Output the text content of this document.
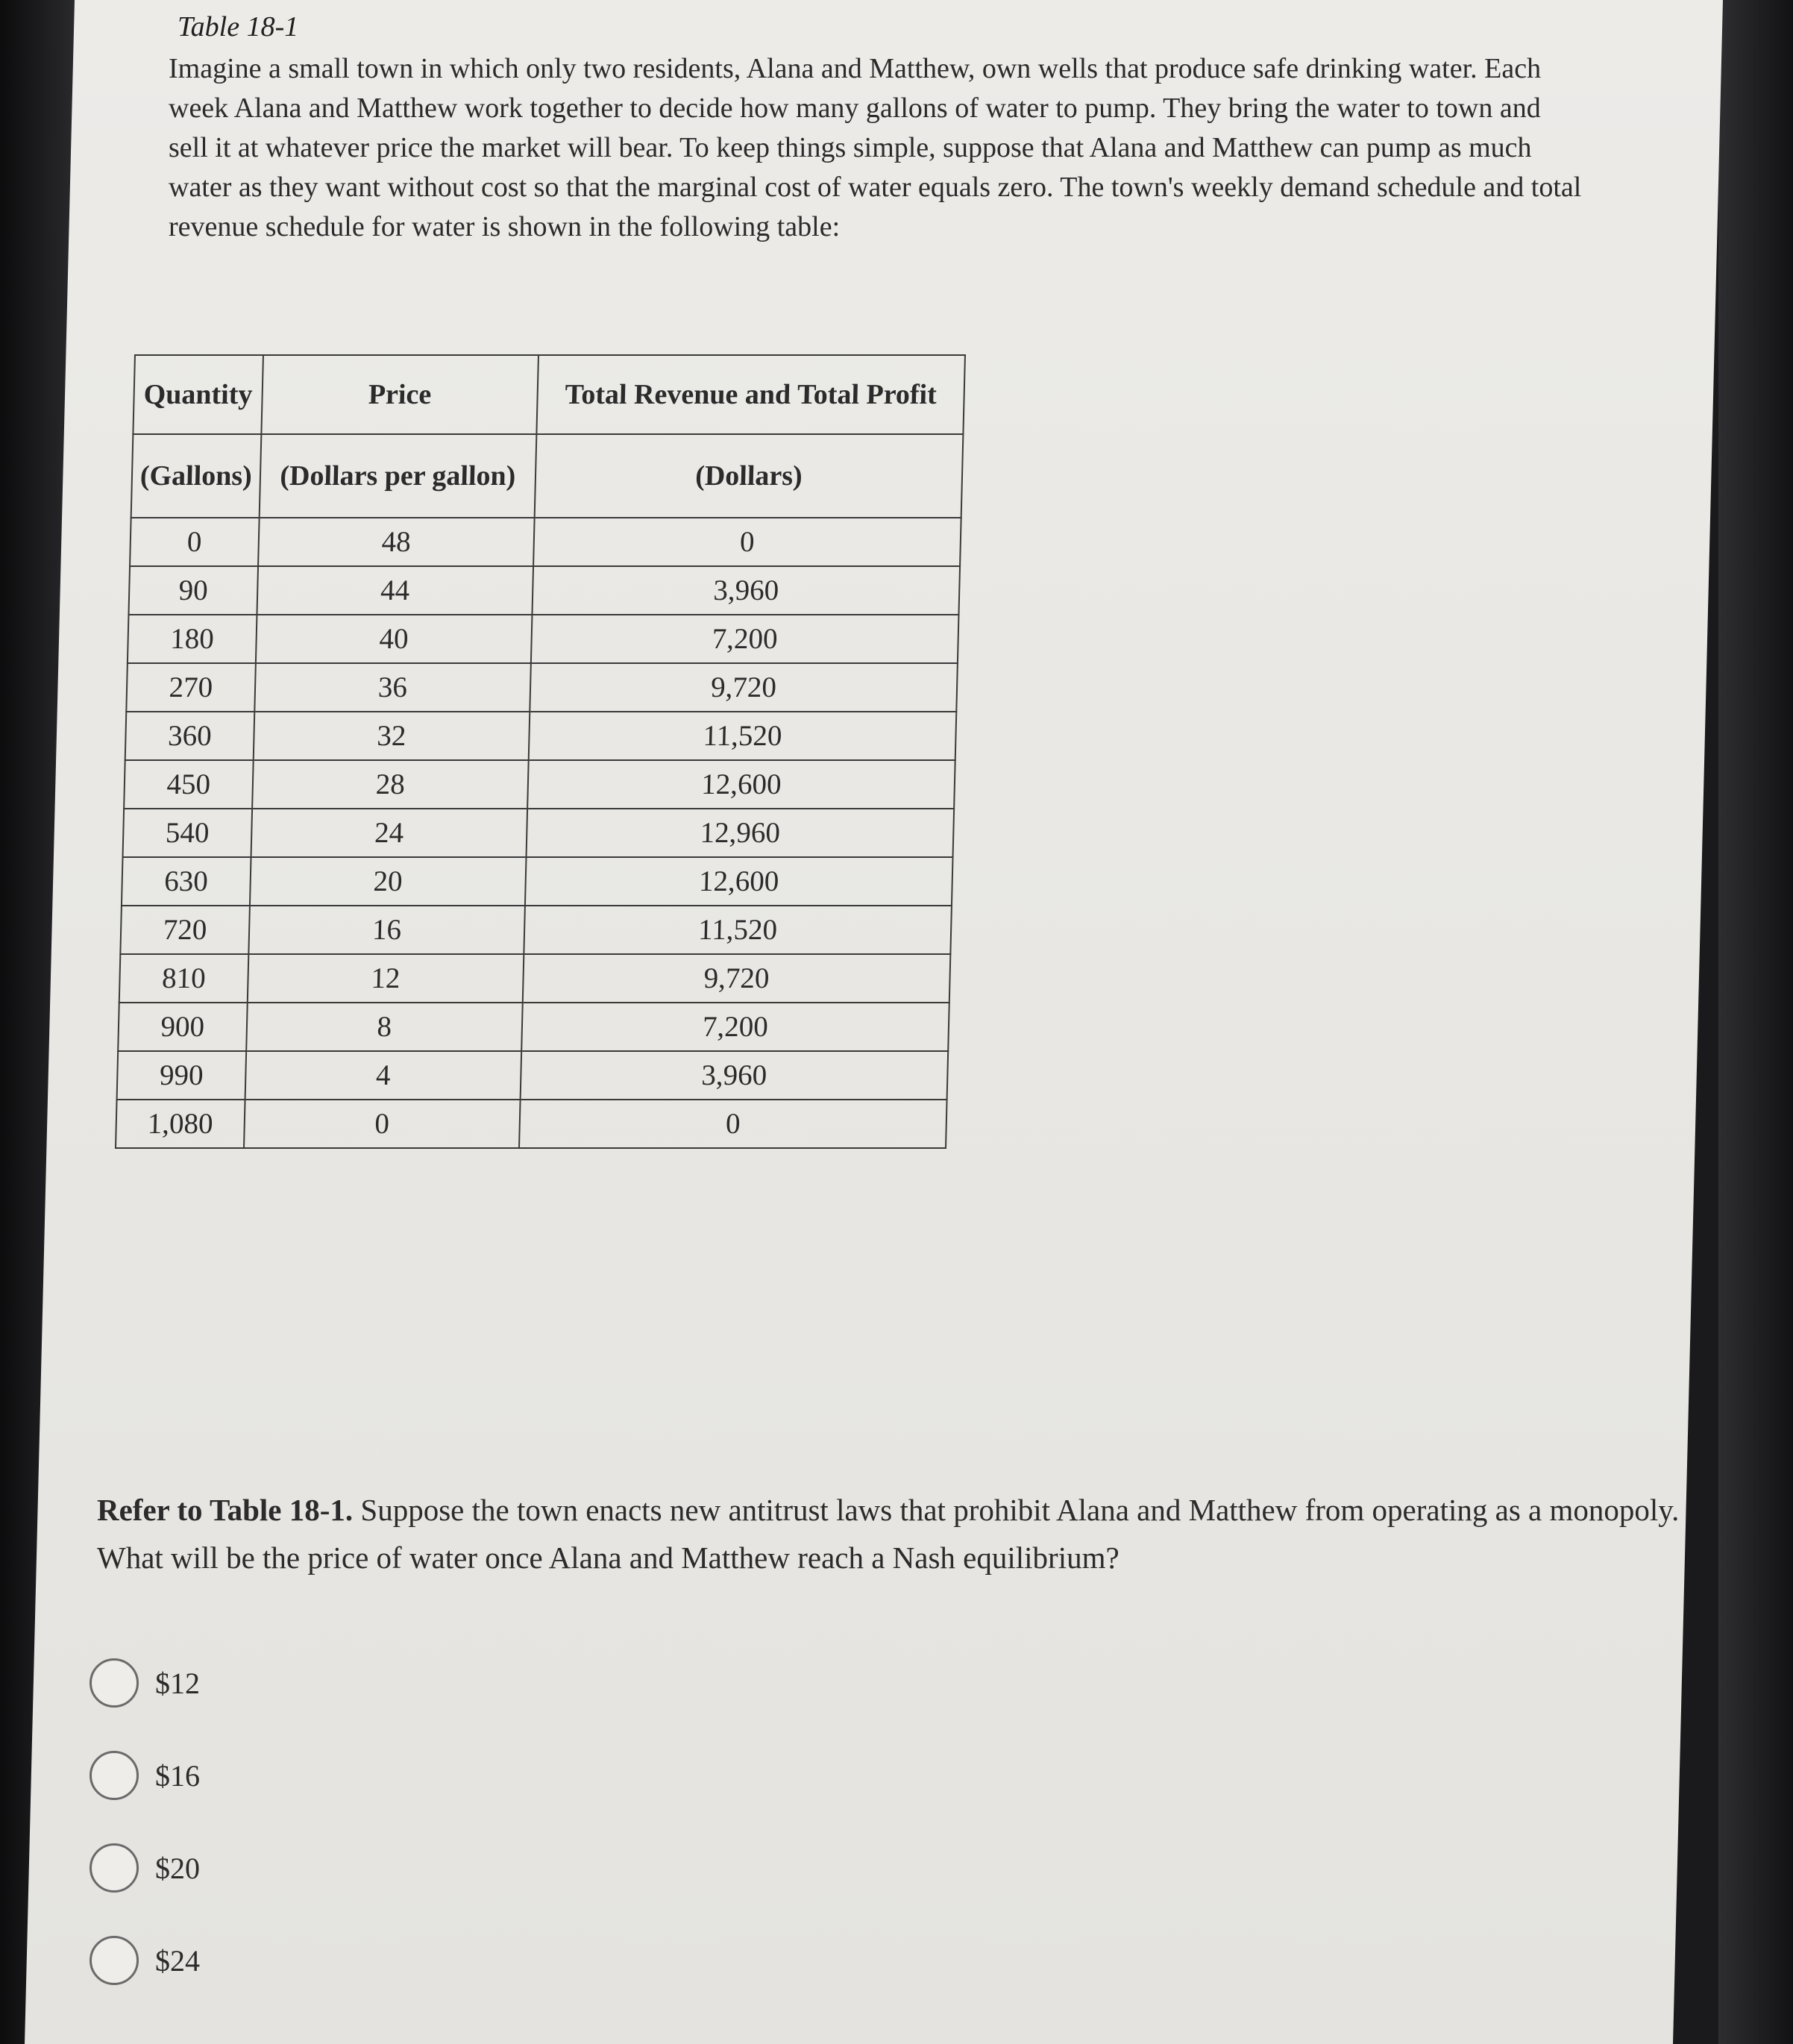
Table 18-1
Imagine a small town in which only two residents, Alana and Matthew, own wells that produce safe drinking water. Each week Alana and Matthew work together to decide how many gallons of water to pump. They bring the water to town and sell it at whatever price the market will bear. To keep things simple, suppose that Alana and Matthew can pump as much water as they want without cost so that the marginal cost of water equals zero. The town's weekly demand schedule and total revenue schedule for water is shown in the following table:
Quantity	Price	Total Revenue and Total Profit
(Gallons)	(Dollars per gallon)	(Dollars)
0	48	0
90	44	3,960
180	40	7,200
270	36	9,720
360	32	11,520
450	28	12,600
540	24	12,960
630	20	12,600
720	16	11,520
810	12	9,720
900	8	7,200
990	4	3,960
1,080	0	0
Refer to Table 18-1. Suppose the town enacts new antitrust laws that prohibit Alana and Matthew from operating as a monopoly. What will be the price of water once Alana and Matthew reach a Nash equilibrium?
$12
$16
$20
$24
